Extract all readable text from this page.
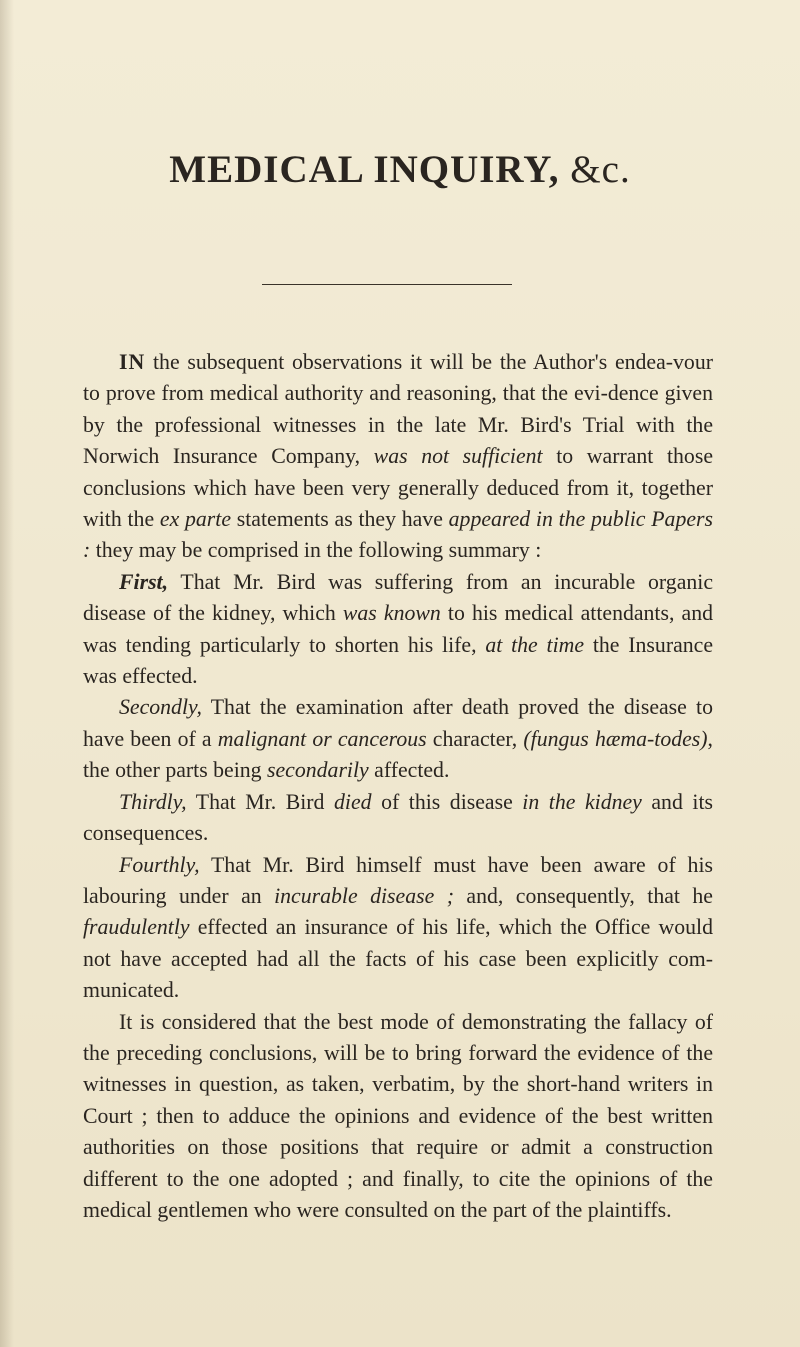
MEDICAL INQUIRY, &c.

IN the subsequent observations it will be the Author's endea-vour to prove from medical authority and reasoning, that the evi-dence given by the professional witnesses in the late Mr. Bird's Trial with the Norwich Insurance Company, was not sufficient to warrant those conclusions which have been very generally deduced from it, together with the ex parte statements as they have appeared in the public Papers : they may be comprised in the following summary :

First, That Mr. Bird was suffering from an incurable organic disease of the kidney, which was known to his medical attendants, and was tending particularly to shorten his life, at the time the Insurance was effected.

Secondly, That the examination after death proved the disease to have been of a malignant or cancerous character, (fungus hæma-todes), the other parts being secondarily affected.

Thirdly, That Mr. Bird died of this disease in the kidney and its consequences.

Fourthly, That Mr. Bird himself must have been aware of his labouring under an incurable disease ; and, consequently, that he fraudulently effected an insurance of his life, which the Office would not have accepted had all the facts of his case been explicitly com-municated.

It is considered that the best mode of demonstrating the fallacy of the preceding conclusions, will be to bring forward the evidence of the witnesses in question, as taken, verbatim, by the short-hand writers in Court ; then to adduce the opinions and evidence of the best written authorities on those positions that require or admit a construction different to the one adopted ; and finally, to cite the opinions of the medical gentlemen who were consulted on the part of the plaintiffs.
